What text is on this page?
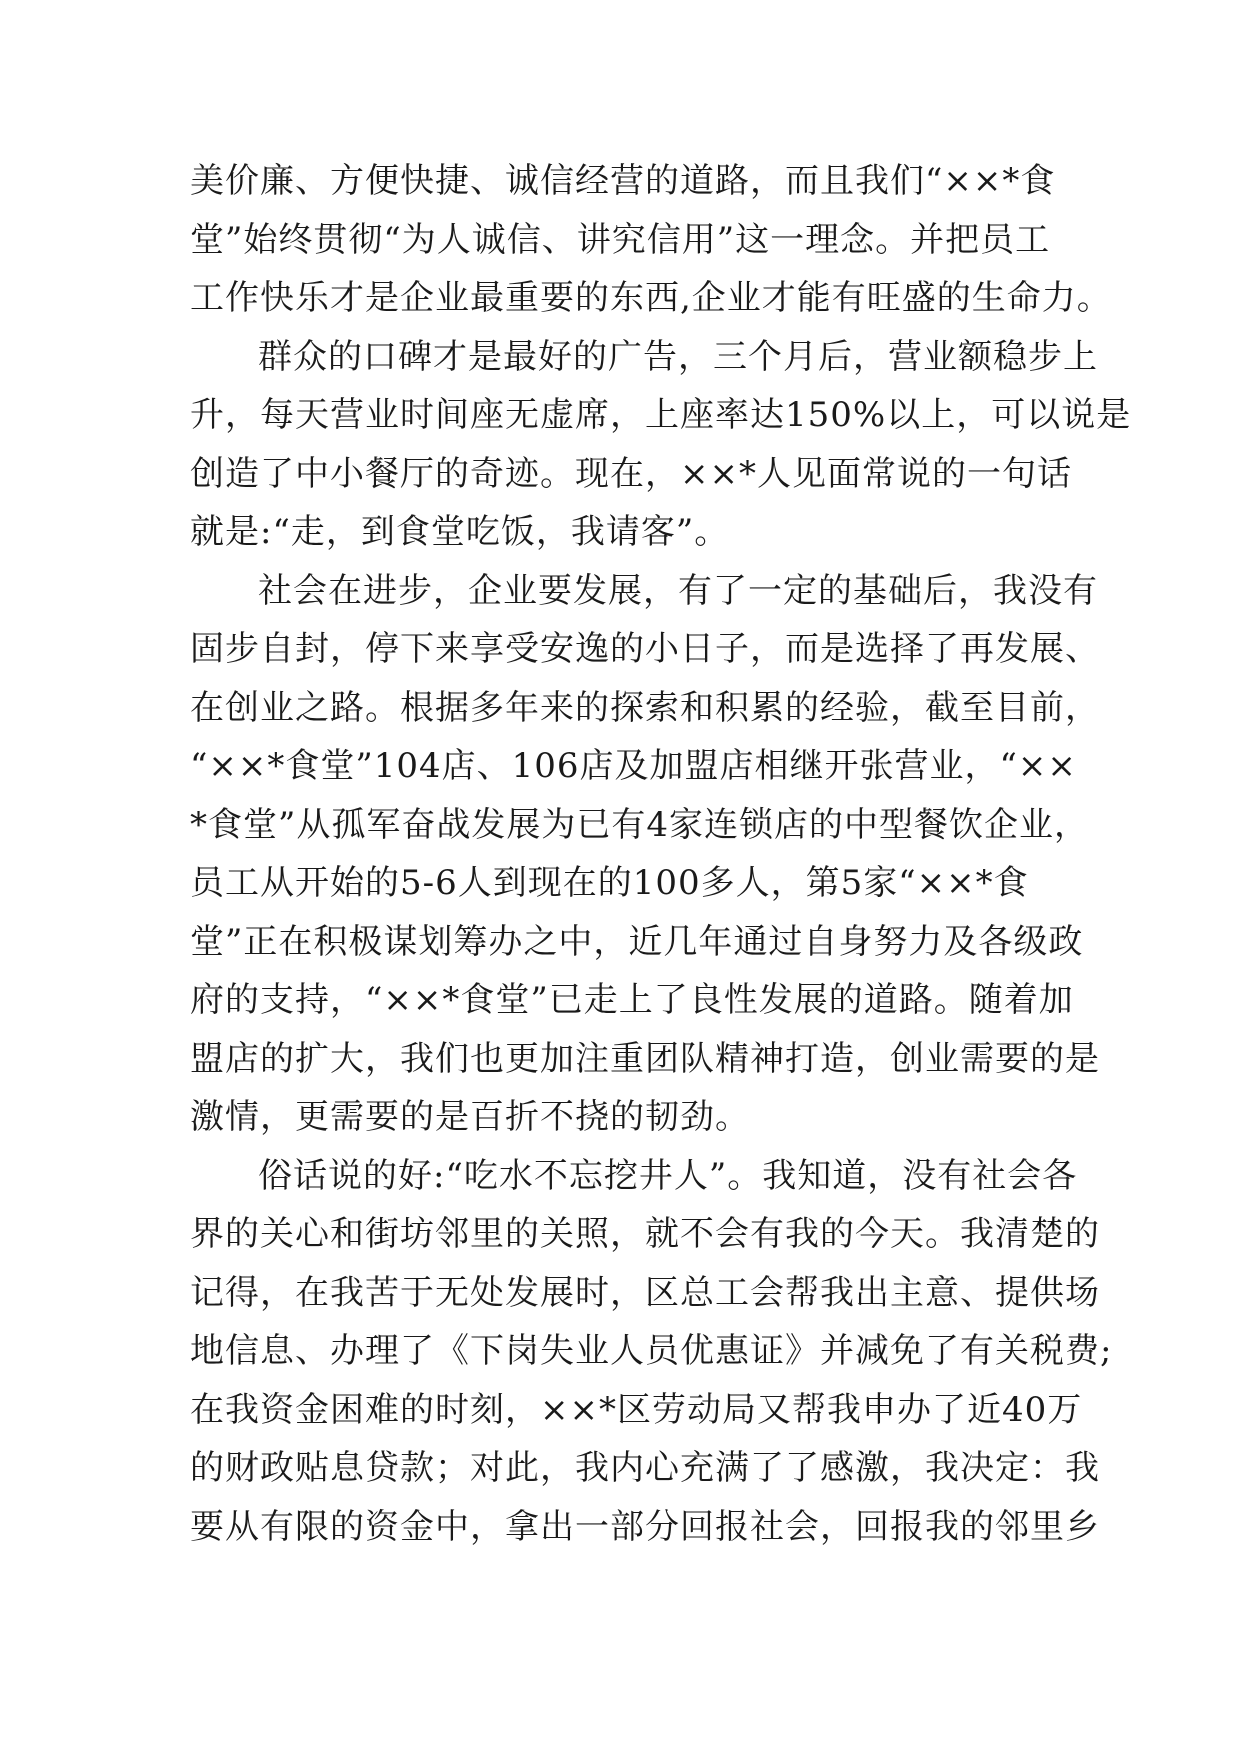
美价廉、方便快捷、诚信经营的道路，而且我们“××*食
堂”始终贯彻“为人诚信、讲究信用”这一理念。并把员工
工作快乐才是企业最重要的东西,企业才能有旺盛的生命力。
群众的口碑才是最好的广告，三个月后，营业额稳步上
升，每天营业时间座无虚席，上座率达150%以上，可以说是
创造了中小餐厅的奇迹。现在，××*人见面常说的一句话
就是:“走，到食堂吃饭，我请客”。
社会在进步，企业要发展，有了一定的基础后，我没有
固步自封，停下来享受安逸的小日子，而是选择了再发展、
在创业之路。根据多年来的探索和积累的经验，截至目前，
“××*食堂”104店、106店及加盟店相继开张营业，“××
*食堂”从孤军奋战发展为已有4家连锁店的中型餐饮企业，
员工从开始的5-6人到现在的100多人，第5家“××*食
堂”正在积极谋划筹办之中，近几年通过自身努力及各级政
府的支持，“××*食堂”已走上了良性发展的道路。随着加
盟店的扩大，我们也更加注重团队精神打造，创业需要的是
激情，更需要的是百折不挠的韧劲。
俗话说的好:“吃水不忘挖井人”。我知道，没有社会各
界的关心和街坊邻里的关照，就不会有我的今天。我清楚的
记得，在我苦于无处发展时，区总工会帮我出主意、提供场
地信息、办理了《下岗失业人员优惠证》并减免了有关税费;
在我资金困难的时刻，××*区劳动局又帮我申办了近40万
的财政贴息贷款；对此，我内心充满了了感激，我决定：我
要从有限的资金中，拿出一部分回报社会，回报我的邻里乡
